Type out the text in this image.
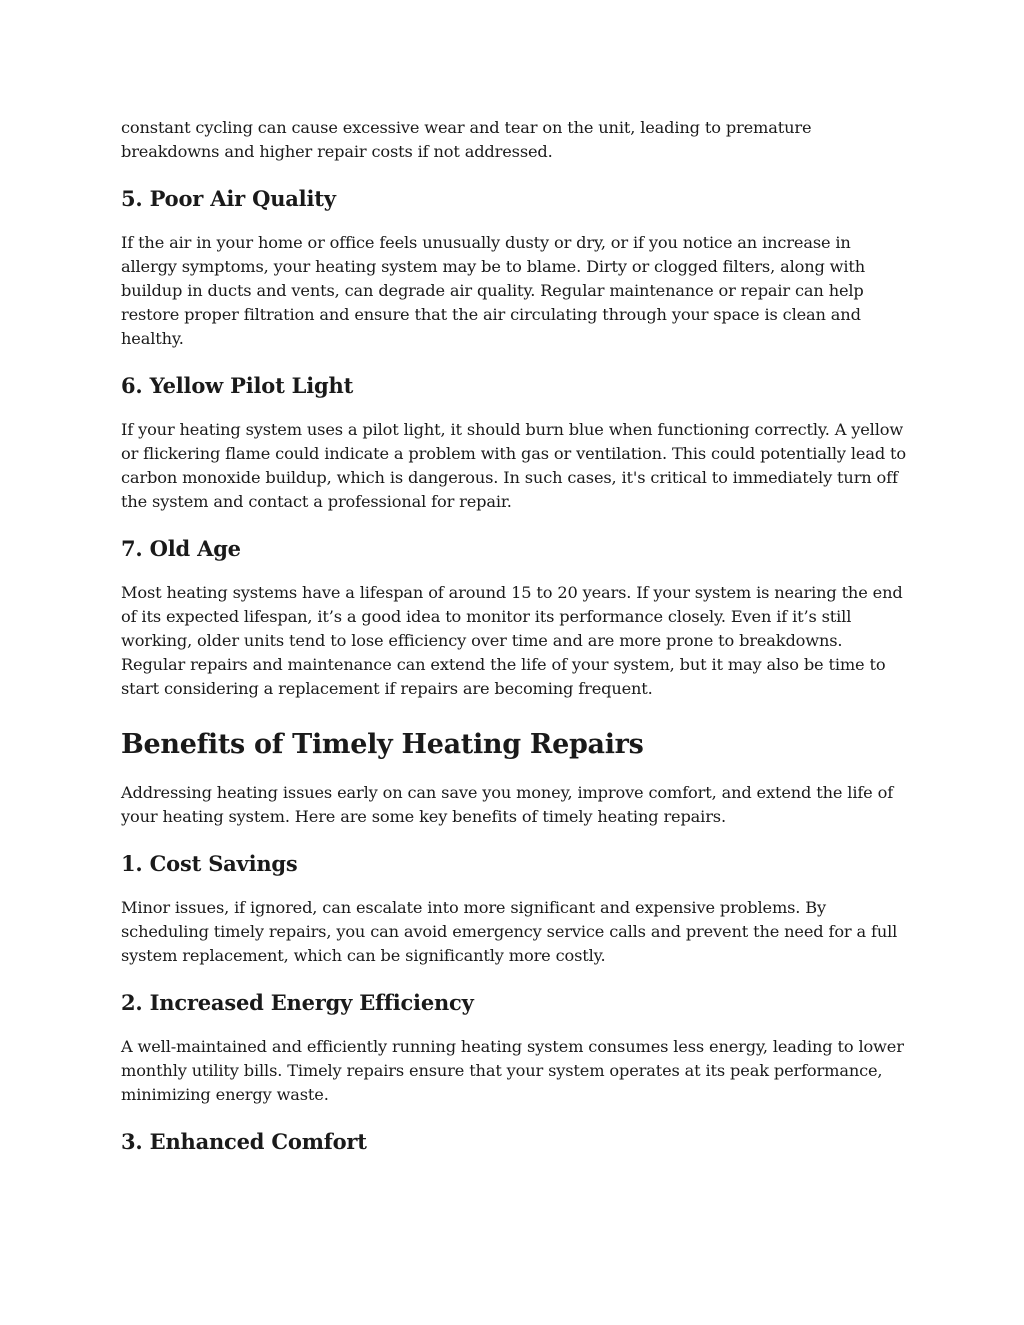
constant cycling can cause excessive wear and tear on the unit, leading to premature breakdowns and higher repair costs if not addressed.

5. Poor Air Quality

If the air in your home or office feels unusually dusty or dry, or if you notice an increase in allergy symptoms, your heating system may be to blame. Dirty or clogged filters, along with buildup in ducts and vents, can degrade air quality. Regular maintenance or repair can help restore proper filtration and ensure that the air circulating through your space is clean and healthy.

6. Yellow Pilot Light

If your heating system uses a pilot light, it should burn blue when functioning correctly. A yellow or flickering flame could indicate a problem with gas or ventilation. This could potentially lead to carbon monoxide buildup, which is dangerous. In such cases, it's critical to immediately turn off the system and contact a professional for repair.

7. Old Age

Most heating systems have a lifespan of around 15 to 20 years. If your system is nearing the end of its expected lifespan, it’s a good idea to monitor its performance closely. Even if it’s still working, older units tend to lose efficiency over time and are more prone to breakdowns. Regular repairs and maintenance can extend the life of your system, but it may also be time to start considering a replacement if repairs are becoming frequent.

Benefits of Timely Heating Repairs

Addressing heating issues early on can save you money, improve comfort, and extend the life of your heating system. Here are some key benefits of timely heating repairs.

1. Cost Savings

Minor issues, if ignored, can escalate into more significant and expensive problems. By scheduling timely repairs, you can avoid emergency service calls and prevent the need for a full system replacement, which can be significantly more costly.

2. Increased Energy Efficiency

A well-maintained and efficiently running heating system consumes less energy, leading to lower monthly utility bills. Timely repairs ensure that your system operates at its peak performance, minimizing energy waste.

3. Enhanced Comfort
